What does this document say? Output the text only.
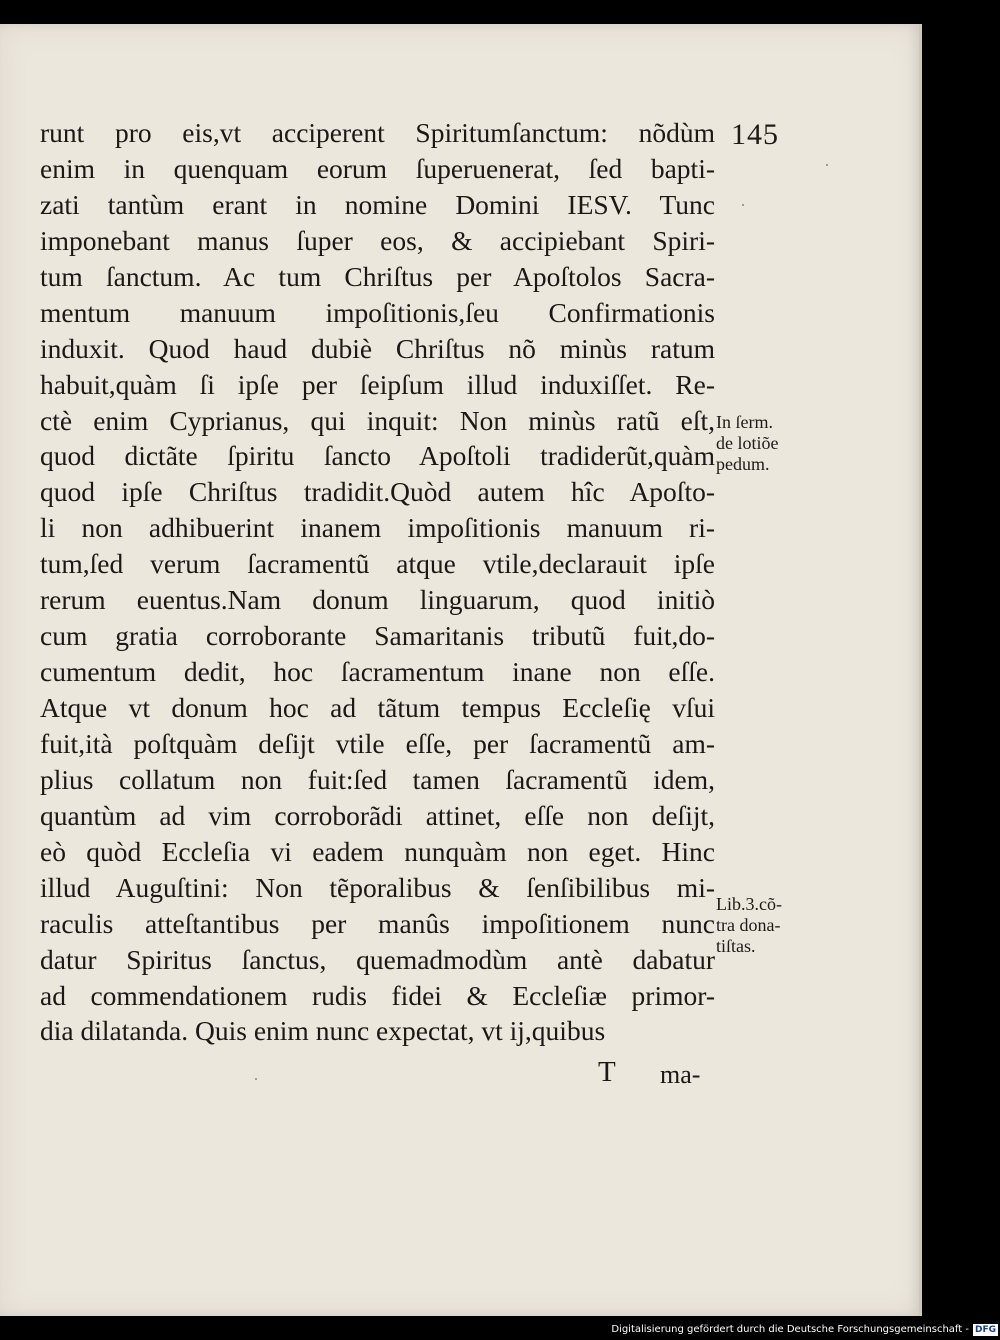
145
runt pro eis,vt acciperent Spiritumſanctum: nõdùm
enim in quenquam eorum ſuperuenerat, ſed bapti-
zati tantùm erant in nomine Domini IESV. Tunc
imponebant manus ſuper eos, & accipiebant Spiri-
tum ſanctum. Ac tum Chriſtus per Apoſtolos Sacra-
mentum manuum impoſitionis,ſeu Confirmationis
induxit. Quod haud dubiè Chriſtus nõ minùs ratum
habuit,quàm ſi ipſe per ſeipſum illud induxiſſet. Re-
ctè enim Cyprianus, qui inquit: Non minùs ratũ eſt,
quod dictãte ſpiritu ſancto Apoſtoli tradiderũt,quàm
quod ipſe Chriſtus tradidit.Quòd autem hîc Apoſto-
li non adhibuerint inanem impoſitionis manuum ri-
tum,ſed verum ſacramentũ atque vtile,declarauit ipſe
rerum euentus.Nam donum linguarum, quod initiò
cum gratia corroborante Samaritanis tributũ fuit,do-
cumentum dedit, hoc ſacramentum inane non eſſe.
Atque vt donum hoc ad tãtum tempus Eccleſię vſui
fuit,ità poſtquàm deſijt vtile eſſe, per ſacramentũ am-
plius collatum non fuit:ſed tamen ſacramentũ idem,
quantùm ad vim corroborãdi attinet, eſſe non deſijt,
eò quòd Eccleſia vi eadem nunquàm non eget. Hinc
illud Auguſtini: Non tẽporalibus & ſenſibilibus mi-
raculis atteſtantibus per manûs impoſitionem nunc
datur Spiritus ſanctus, quemadmodùm antè dabatur
ad commendationem rudis fidei & Eccleſiæ primor-
dia dilatanda. Quis enim nunc expectat, vt ij,quibus
T ma-
In ſerm.
de lotiõe
pedum.
Lib.3.cõ-
tra dona-
tiſtas.
Digitalisierung gefördert durch die Deutsche Forschungsgemeinschaft - DFG
